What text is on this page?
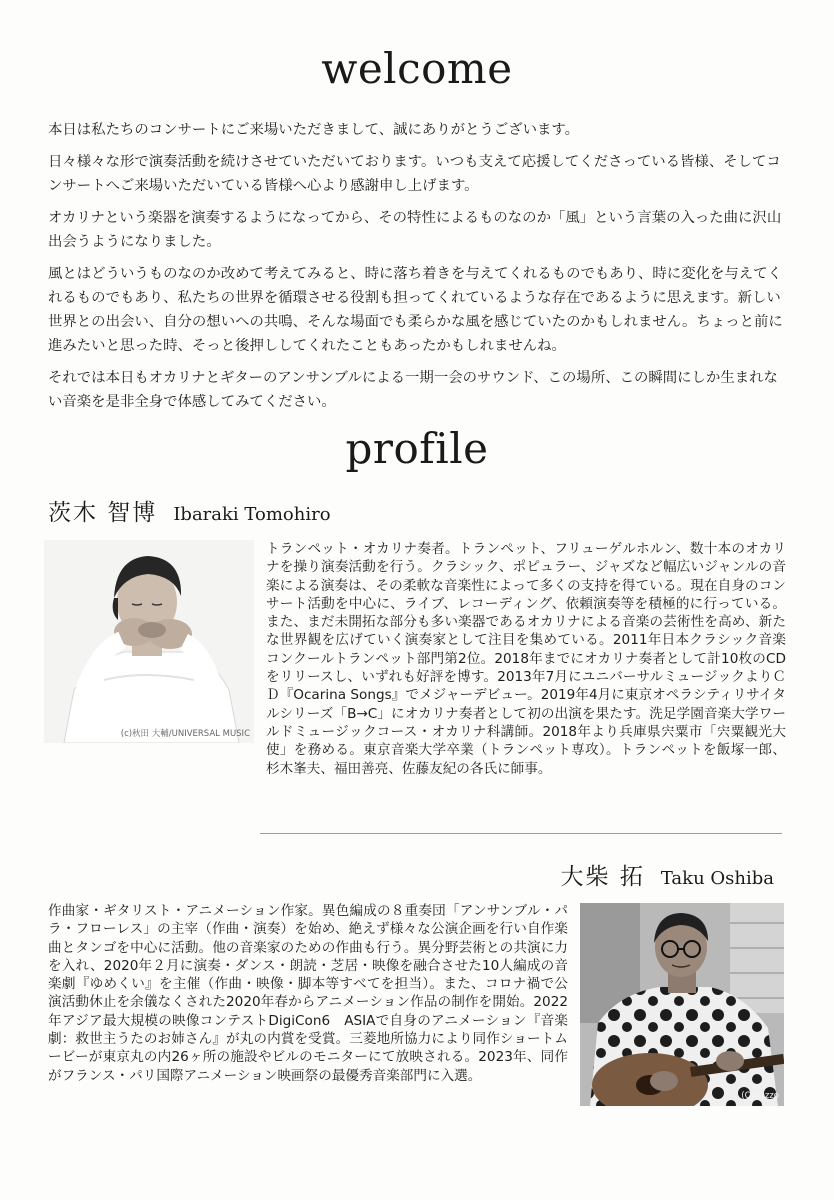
welcome

本日は私たちのコンサートにご来場いただきまして、誠にありがとうございます。

日々様々な形で演奏活動を続けさせていただいております。いつも支えて応援してくださっている皆様、そしてコンサートへご来場いただいている皆様へ心より感謝申し上げます。

オカリナという楽器を演奏するようになってから、その特性によるものなのか「風」という言葉の入った曲に沢山出会うようになりました。

風とはどういうものなのか改めて考えてみると、時に落ち着きを与えてくれるものでもあり、時に変化を与えてくれるものでもあり、私たちの世界を循環させる役割も担ってくれているような存在であるように思えます。新しい世界との出会い、自分の想いへの共鳴、そんな場面でも柔らかな風を感じていたのかもしれません。ちょっと前に進みたいと思った時、そっと後押ししてくれたこともあったかもしれませんね。

それでは本日もオカリナとギターのアンサンブルによる一期一会のサウンド、この場所、この瞬間にしか生まれない音楽を是非全身で体感してみてください。

profile
茨木 智博 Ibaraki Tomohiro
(c)秋田 大輔/UNIVERSAL MUSIC

トランペット・オカリナ奏者。トランペット、フリューゲルホルン、数十本のオカリナを操り演奏活動を行う。クラシック、ポピュラー、ジャズなど幅広いジャンルの音楽による演奏は、その柔軟な音楽性によって多くの支持を得ている。現在自身のコンサート活動を中心に、ライブ、レコーディング、依頼演奏等を積極的に行っている。また、まだ未開拓な部分も多い楽器であるオカリナによる音楽の芸術性を高め、新たな世界観を広げていく演奏家として注目を集めている。2011年日本クラシック音楽コンクールトランペット部門第2位。2018年までにオカリナ奏者として計10枚のCDをリリースし、いずれも好評を博す。2013年7月にユニバーサルミュージックよりＣＤ『Ocarina Songs』でメジャーデビュー。2019年4月に東京オペラシティリサイタルシリーズ「B→C」にオカリナ奏者として初の出演を果たす。洗足学園音楽大学ワールドミュージックコース・オカリナ科講師。2018年より兵庫県宍粟市「宍粟観光大使」を務める。東京音楽大学卒業（トランペット専攻）。トランペットを飯塚一郎、杉木峯夫、福田善亮、佐藤友紀の各氏に師事。

大柴 拓 Taku Oshiba

作曲家・ギタリスト・アニメーション作家。異色編成の８重奏団「アンサンブル・パラ・フローレス」の主宰（作曲・演奏）を始め、絶えず様々な公演企画を行い自作楽曲とタンゴを中心に活動。他の音楽家のための作曲も行う。異分野芸術との共演に力を入れ、2020年２月に演奏・ダンス・朗読・芝居・映像を融合させた10人編成の音楽劇『ゆめくい』を主催（作曲・映像・脚本等すべてを担当）。また、コロナ禍で公演活動休止を余儀なくされた2020年春からアニメーション作品の制作を開始。2022年アジア最大規模の映像コンテストDigiCon6　ASIAで自身のアニメーション『音楽劇：救世主うたのお姉さん』が丸の内賞を受賞。三菱地所協力により同作ショートムービーが東京丸の内26ヶ所の施設やビルのモニターにて放映される。2023年、同作がフランス・パリ国際アニメーション映画祭の最優秀音楽部門に入選。

(C)Bozzo
